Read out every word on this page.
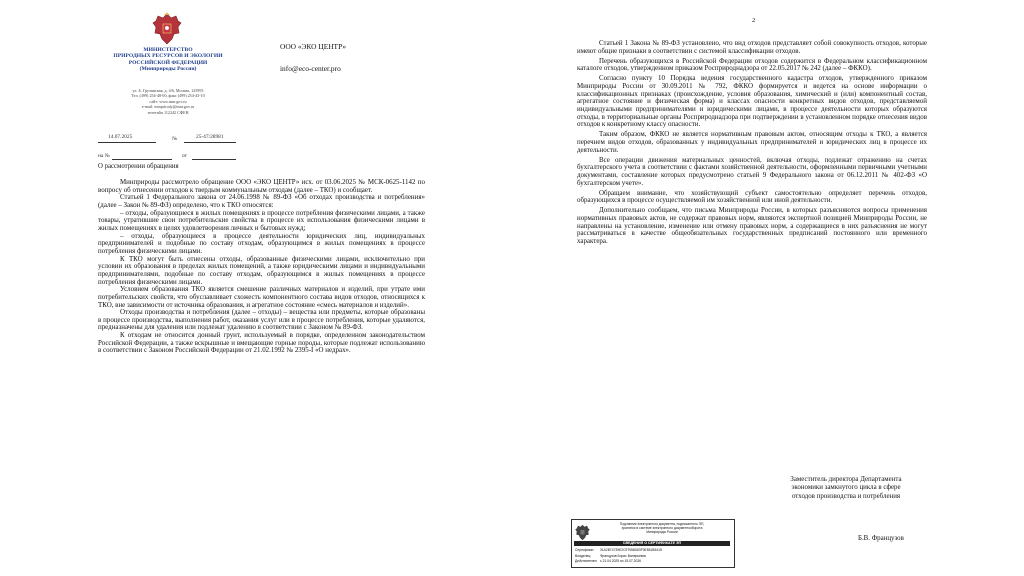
МИНИСТЕРСТВО
ПРИРОДНЫХ РЕСУРСОВ И ЭКОЛОГИИ
РОССИЙСКОЙ ФЕДЕРАЦИИ
(Минприроды России)
ул. Б. Грузинская, д. 4/6, Москва, 125993
Тел. (499) 254-48-00, факс (499) 254-43-10
сайт: www.mnr.gov.ru
e-mail: minprirody@mnr.gov.ru
телетайп 112242 СФЕН
ООО «ЭКО ЦЕНТР»
info@eco-center.pro
14.07.2025	№	25-47/28981
на №	от
О рассмотрении обращения

Минприроды рассмотрело обращение ООО «ЭКО ЦЕНТР» исх. от 03.06.2025 № МСК-0625-1142 по вопросу об отнесении отходов к твердым коммунальным отходам (далее – ТКО) и сообщает.

Статьей 1 Федерального закона от 24.06.1998 № 89-ФЗ «Об отходах производства и потребления» (далее – Закон № 89-ФЗ) определено, что к ТКО относятся:

– отходы, образующиеся в жилых помещениях в процессе потребления физическими лицами, а также товары, утратившие свои потребительские свойства в процессе их использования физическими лицами в жилых помещениях в целях удовлетворения личных и бытовых нужд;

– отходы, образующиеся в процессе деятельности юридических лиц, индивидуальных предпринимателей и подобные по составу отходам, образующимся в жилых помещениях в процессе потребления физическими лицами.

К ТКО могут быть отнесены отходы, образованные физическими лицами, исключительно при условии их образования в пределах жилых помещений, а также юридическими лицами и индивидуальными предпринимателями, подобные по составу отходам, образующимся в жилых помещениях в процессе потребления физическими лицами.

Условием образования ТКО является смешение различных материалов и изделий, при утрате ими потребительских свойств, что обуславливает схожесть компонентного состава видов отходов, относящихся к ТКО, вне зависимости от источника образования, и агрегатное состояние «смесь материалов и изделий».

Отходы производства и потребления (далее – отходы) – вещества или предметы, которые образованы в процессе производства, выполнения работ, оказания услуг или в процессе потребления, которые удаляются, предназначены для удаления или подлежат удалению в соответствии с Законом № 89-ФЗ.

К отходам не относится донный грунт, используемый в порядке, определенном законодательством Российской Федерации, а также вскрышные и вмещающие горные породы, которые подлежат использованию в соответствии с Законом Российской Федерации от 21.02.1992 № 2395-I «О недрах».

2

Статьей 1 Закона № 89-ФЗ установлено, что вид отходов представляет собой совокупность отходов, которые имеют общие признаки в соответствии с системой классификации отходов.

Перечень образующихся в Российской Федерации отходов содержится в Федеральном классификационном каталоге отходов, утвержденном приказом Росприроднадзора от 22.05.2017 № 242 (далее – ФККО).

Согласно пункту 10 Порядка ведения государственного кадастра отходов, утвержденного приказом Минприроды России от 30.09.2011 № 792, ФККО формируется и ведется на основе информации о классификационных признаках (происхождение, условия образования, химический и (или) компонентный состав, агрегатное состояние и физическая форма) и классах опасности конкретных видов отходов, представляемой индивидуальными предпринимателями и юридическими лицами, в процессе деятельности которых образуются отходы, в территориальные органы Росприроднадзора при подтверждении в установленном порядке отнесения видов отходов к конкретному классу опасности.

Таким образом, ФККО не является нормативным правовым актом, относящим отходы к ТКО, а является перечнем видов отходов, образованных у индивидуальных предпринимателей и юридических лиц в процессе их деятельности.

Все операции движения материальных ценностей, включая отходы, подлежат отражению на счетах бухгалтерского учета в соответствии с фактами хозяйственной деятельности, оформленными первичными учетными документами, составление которых предусмотрено статьей 9 Федерального закона от 06.12.2011 № 402-ФЗ «О бухгалтерском учете».

Обращаем внимание, что хозяйствующий субъект самостоятельно определяет перечень отходов, образующихся в процессе осуществляемой им хозяйственной или иной деятельности.

Дополнительно сообщаем, что письма Минприроды России, в которых разъясняются вопросы применения нормативных правовых актов, не содержат правовых норм, являются экспертной позицией Минприроды России, не направлены на установление, изменение или отмену правовых норм, а содержащиеся в них разъяснения не могут рассматриваться в качестве общеобязательных государственных предписаний постоянного или временного характера.

Заместитель директора Департамента
экономики замкнутого цикла в сфере
отходов производства и потребления
Б.В. Французов
Подлинник электронного документа, подписанного ЭП,
хранится в системе электронного документооборота
Минприроды России
СВЕДЕНИЯ О СЕРТИФИКАТЕ ЭП
Сертификат: 31A2B74739E2C97956D83F0E851B5418
Владелец:	Французов Борис Валерьевич
Действителен: с 21.04.2025 по 15.07.2026
